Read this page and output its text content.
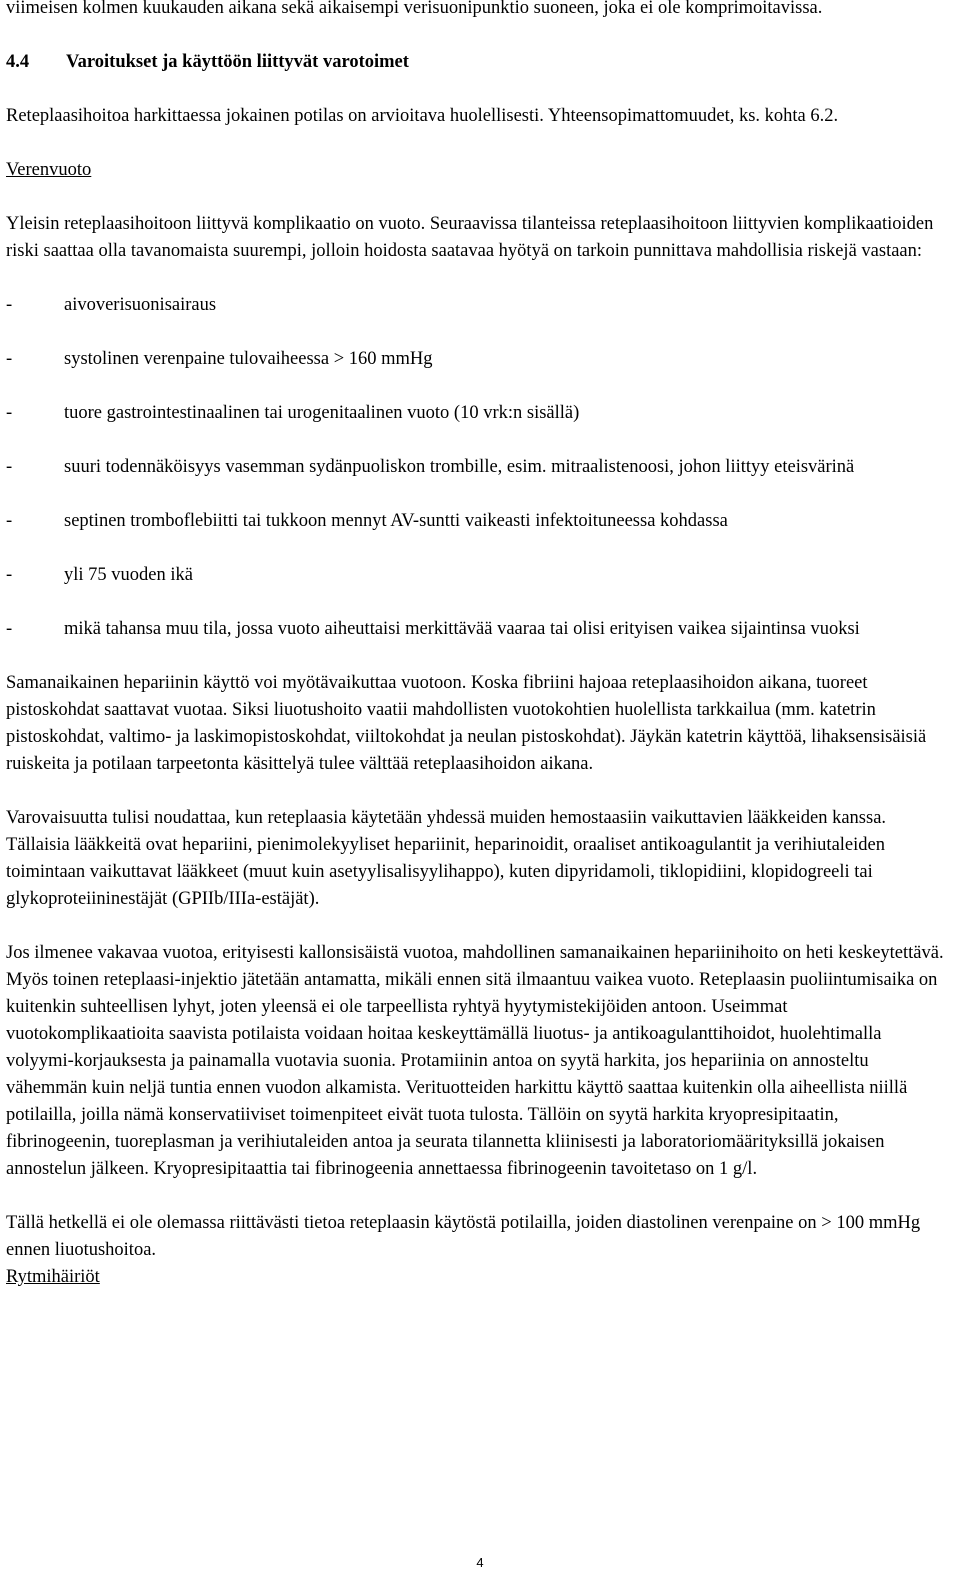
viimeisen kolmen kuukauden aikana sekä aikaisempi verisuonipunktio suoneen, joka ei ole komprimoitavissa.

4.4 Varoitukset ja käyttöön liittyvät varotoimet

Reteplaasihoitoa harkittaessa jokainen potilas on arvioitava huolellisesti. Yhteensopimattomuudet, ks. kohta 6.2.

Verenvuoto

Yleisin reteplaasihoitoon liittyvä komplikaatio on vuoto. Seuraavissa tilanteissa reteplaasihoitoon liittyvien komplikaatioiden riski saattaa olla tavanomaista suurempi, jolloin hoidosta saatavaa hyötyä on tarkoin punnittava mahdollisia riskejä vastaan:

-	aivoverisuonisairaus
-	systolinen verenpaine tulovaiheessa > 160 mmHg
-	tuore gastrointestinaalinen tai urogenitaalinen vuoto (10 vrk:n sisällä)
-	suuri todennäköisyys vasemman sydänpuoliskon trombille, esim. mitraalistenoosi, johon liittyy eteisvärinä
-	septinen tromboflebiitti tai tukkoon mennyt AV-suntti vaikeasti infektoituneessa kohdassa
-	yli 75 vuoden ikä
-	mikä tahansa muu tila, jossa vuoto aiheuttaisi merkittävää vaaraa tai olisi erityisen vaikea sijaintinsa vuoksi

Samanaikainen hepariinin käyttö voi myötävaikuttaa vuotoon. Koska fibriini hajoaa reteplaasihoidon aikana, tuoreet pistoskohdat saattavat vuotaa. Siksi liuotushoito vaatii mahdollisten vuotokohtien huolellista tarkkailua (mm. katetrin pistoskohdat, valtimo- ja laskimopistoskohdat, viiltokohdat ja neulan pistoskohdat). Jäykän katetrin käyttöä, lihaksensisäisiä ruiskeita ja potilaan tarpeetonta käsittelyä tulee välttää reteplaasihoidon aikana.

Varovaisuutta tulisi noudattaa, kun reteplaasia käytetään yhdessä muiden hemostaasiin vaikuttavien lääkkeiden kanssa. Tällaisia lääkkeitä ovat hepariini, pienimolekyyliset hepariinit, heparinoidit, oraaliset antikoagulantit ja verihiutaleiden toimintaan vaikuttavat lääkkeet (muut kuin asetyylisalisyylihappo), kuten dipyridamoli, tiklopidiini, klopidogreeli tai glykoproteiininestäjät (GPIIb/IIIa-estäjät).

Jos ilmenee vakavaa vuotoa, erityisesti kallonsisäistä vuotoa, mahdollinen samanaikainen hepariinihoito on heti keskeytettävä. Myös toinen reteplaasi-injektio jätetään antamatta, mikäli ennen sitä ilmaantuu vaikea vuoto. Reteplaasin puoliintumisaika on kuitenkin suhteellisen lyhyt, joten yleensä ei ole tarpeellista ryhtyä hyytymistekijöiden antoon. Useimmat vuotokomplikaatioita saavista potilaista voidaan hoitaa keskeyttämällä liuotus- ja antikoagulanttihoidot, huolehtimalla volyymi-korjauksesta ja painamalla vuotavia suonia. Protamiinin antoa on syytä harkita, jos hepariinia on annosteltu vähemmän kuin neljä tuntia ennen vuodon alkamista. Verituotteiden harkittu käyttö saattaa kuitenkin olla aiheellista niillä potilailla, joilla nämä konservatiiviset toimenpiteet eivät tuota tulosta. Tällöin on syytä harkita kryopresipitaatin, fibrinogeenin, tuoreplasman ja verihiutaleiden antoa ja seurata tilannetta kliinisesti ja laboratoriomäärityksillä jokaisen annostelun jälkeen. Kryopresipitaattia tai fibrinogeenia annettaessa fibrinogeenin tavoitetaso on 1 g/l.

Tällä hetkellä ei ole olemassa riittävästi tietoa reteplaasin käytöstä potilailla, joiden diastolinen verenpaine on > 100 mmHg ennen liuotushoitoa.

Rytmihäiriöt

4
